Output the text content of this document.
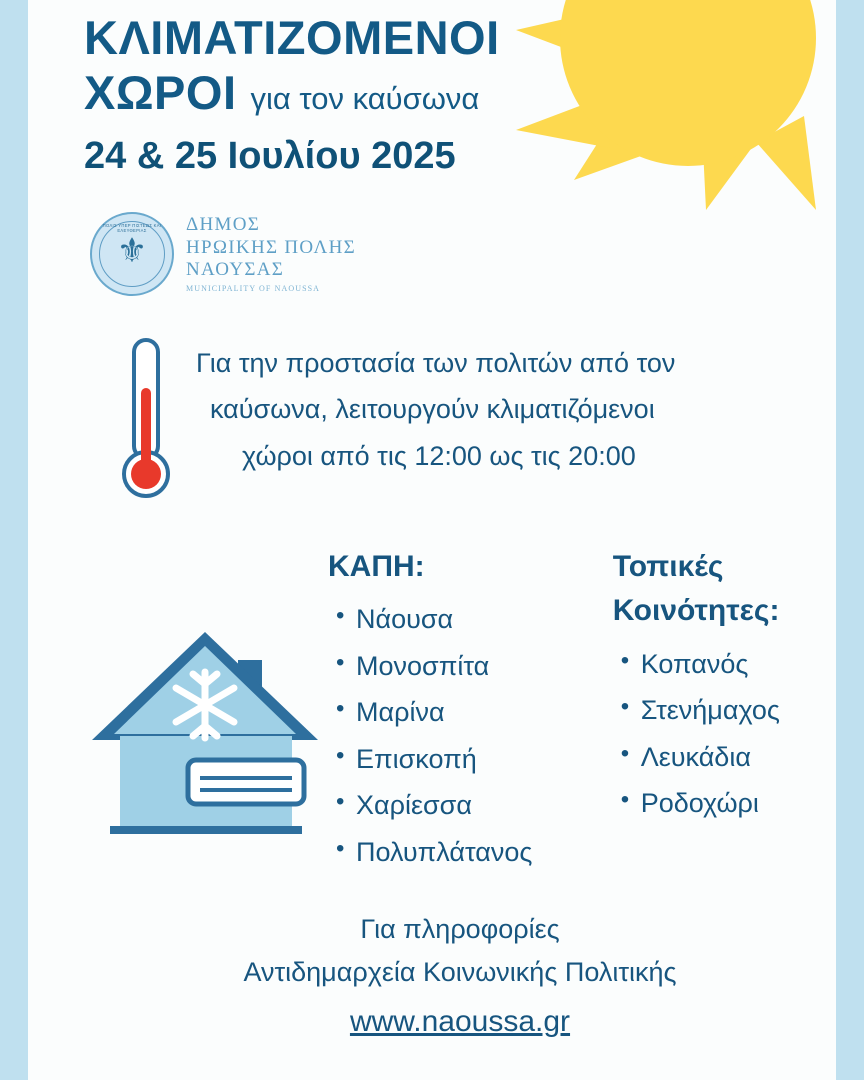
ΚΛΙΜΑΤΙΖΟΜΕΝΟΙ

ΧΩΡΟΙ για τον καύσωνα

24 & 25 Ιουλίου 2025

ΠΟΛΙΣ ΥΠΕΡ ΠΙΣΤΕΩΣ ΚΑΙ ΕΛΕΥΘΕΡΙΑΣ
⚜
ΔΗΜΟΣ
ΗΡΩΙΚΗΣ ΠΟΛΗΣ
ΝΑΟΥΣΑΣ
MUNICIPALITY OF NAOUSSA
Για την προστασία των πολιτών από τον
καύσωνα, λειτουργούν κλιματιζόμενοι
χώροι από τις 12:00 ως τις 20:00

ΚΑΠΗ:

• Νάουσα
• Μονοσπίτα
• Μαρίνα
• Επισκοπή
• Χαρίεσσα
• Πολυπλάτανος

Τοπικές

Κοινότητες:

• Κοπανός
• Στενήμαχος
• Λευκάδια
• Ροδοχώρι
Για πληροφορίες
Αντιδημαρχεία Κοινωνικής Πολιτικής
www.naoussa.gr
